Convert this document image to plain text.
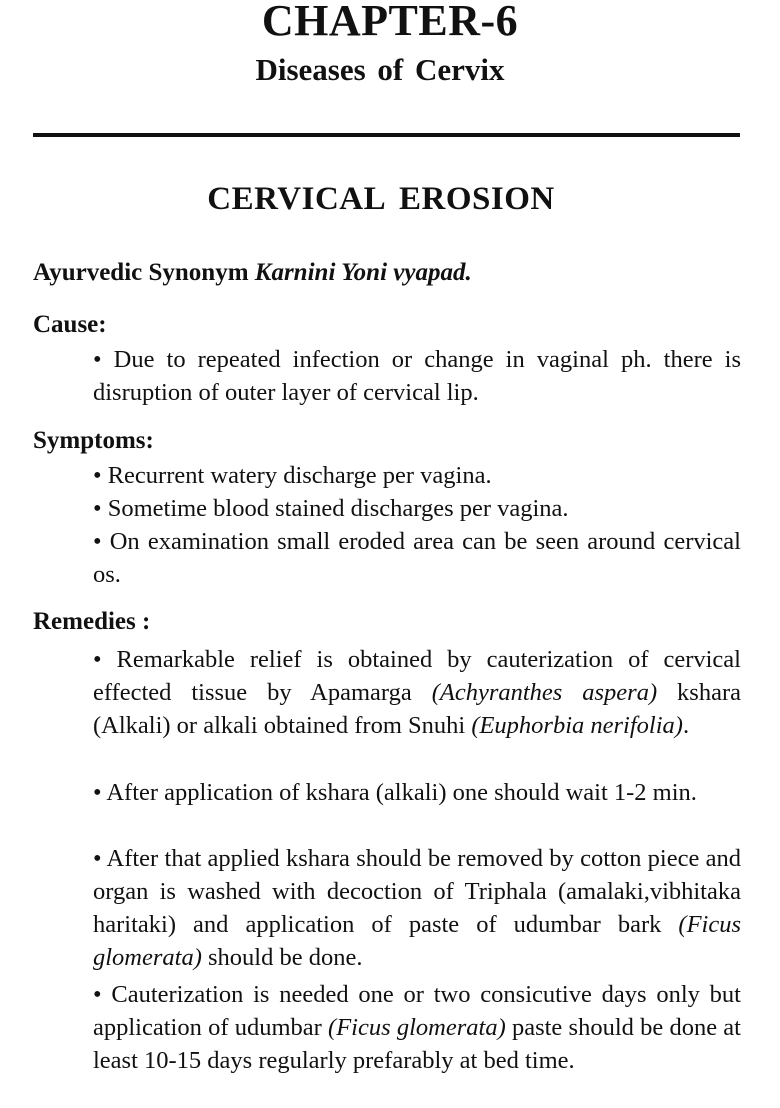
CHAPTER-6
Diseases of Cervix
CERVICAL EROSION
Ayurvedic Synonym Karnini Yoni vyapad.
Cause:
• Due to repeated infection or change in vaginal ph. there is disruption of outer layer of cervical lip.
Symptoms:
• Recurrent watery discharge per vagina.
• Sometime blood stained discharges per vagina.
• On examination small eroded area can be seen around cervical os.
Remedies :
• Remarkable relief is obtained by cauterization of cervical effected tissue by Apamarga (Achyranthes aspera) kshara (Alkali) or alkali obtained from Snuhi (Euphorbia nerifolia).
• After application of kshara (alkali) one should wait 1-2 min.
• After that applied kshara should be removed by cotton piece and organ is washed with decoction of Triphala (amalaki,vibhitaka haritaki) and application of paste of udumbar bark (Ficus glomerata) should be done.
• Cauterization is needed one or two consicutive days only but application of udumbar (Ficus glomerata) paste should be done at least 10-15 days regularly prefarably at bed time.
